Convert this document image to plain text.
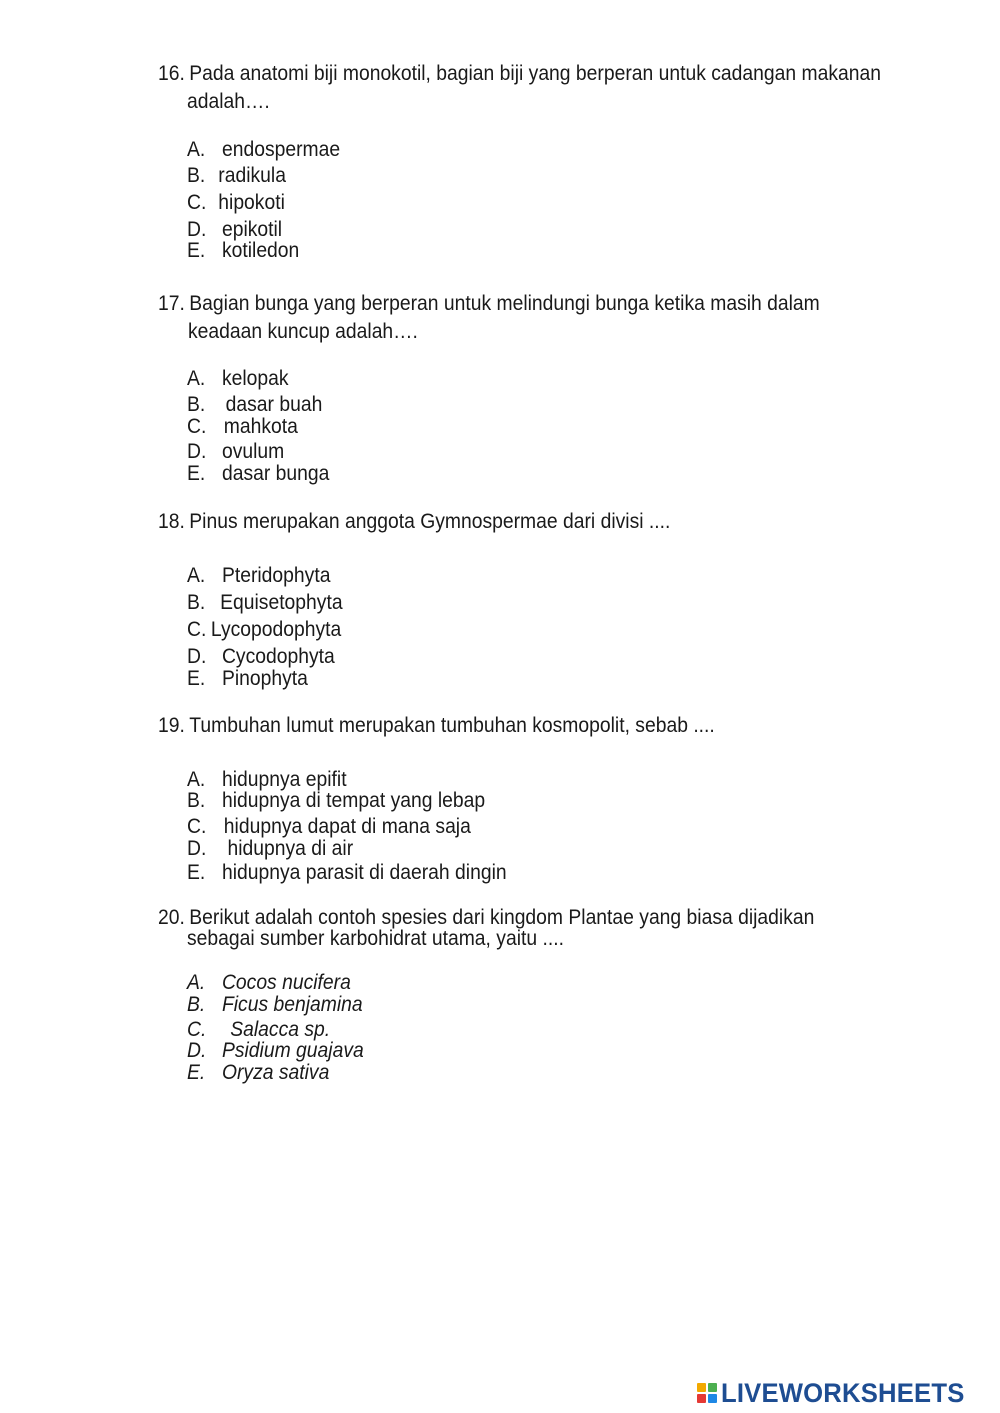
16. Pada anatomi biji monokotil, bagian biji yang berperan untuk cadangan makanan
adalah….
A. endospermae
B. radikula
C. hipokoti
D. epikotil
E. kotiledon
17. Bagian bunga yang berperan untuk melindungi bunga ketika masih dalam
keadaan kuncup adalah….
A. kelopak
B. dasar buah
C. mahkota
D. ovulum
E. dasar bunga
18. Pinus merupakan anggota Gymnospermae dari divisi ....
A. Pteridophyta
B. Equisetophyta
C. Lycopodophyta
D. Cycodophyta
E. Pinophyta
19. Tumbuhan lumut merupakan tumbuhan kosmopolit, sebab ....
A. hidupnya epifit
B. hidupnya di tempat yang lebap
C. hidupnya dapat di mana saja
D. hidupnya di air
E. hidupnya parasit di daerah dingin
20. Berikut adalah contoh spesies dari kingdom Plantae yang biasa dijadikan
sebagai sumber karbohidrat utama, yaitu ....
A. Cocos nucifera
B. Ficus benjamina
C. Salacca sp.
D. Psidium guajava
E. Oryza sativa
LIVEWORKSHEETS
